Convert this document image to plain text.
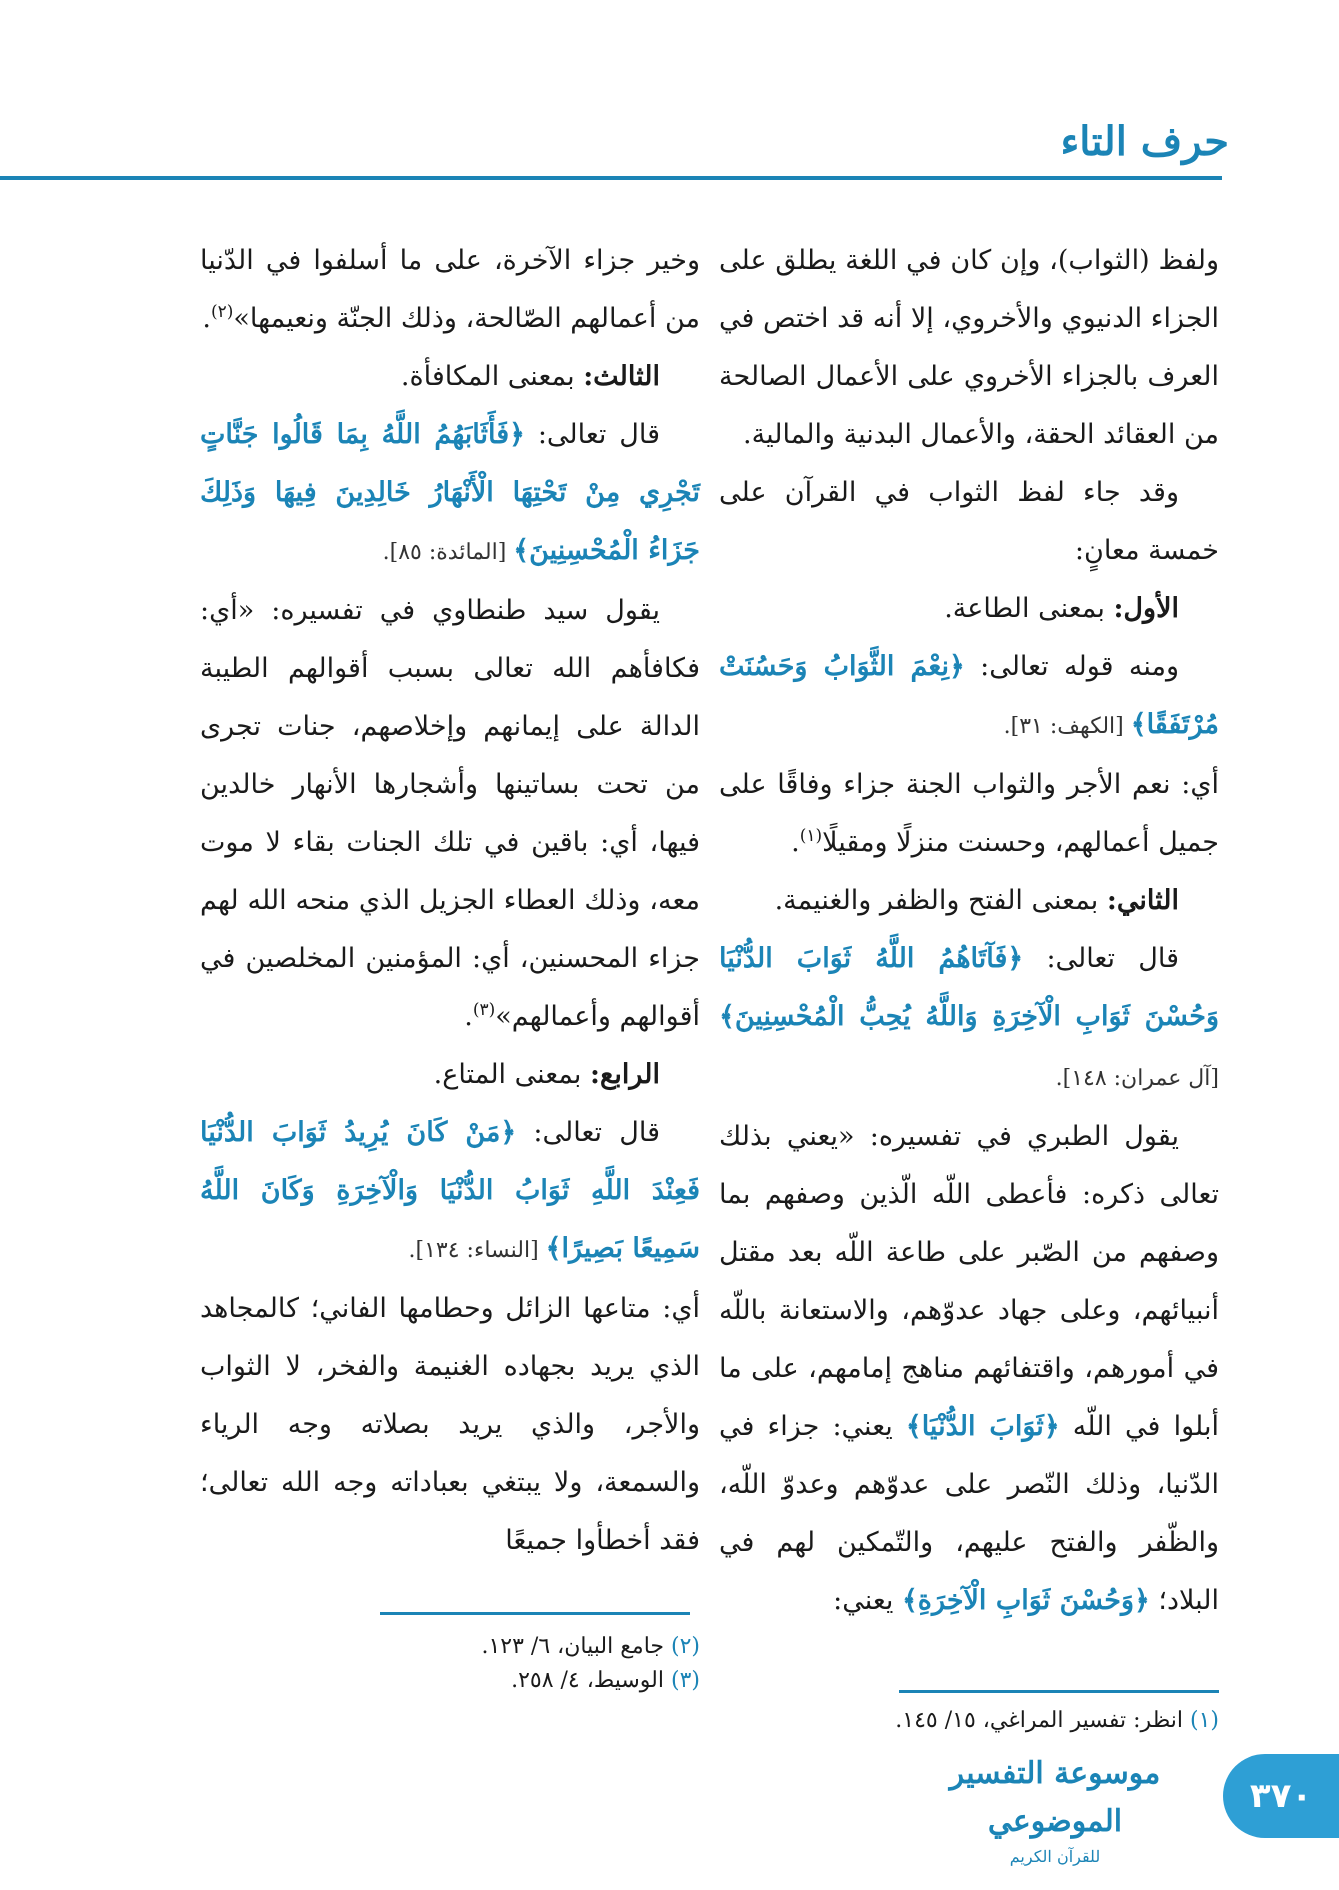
حرف التاء

ولفظ (الثواب)، وإن كان في اللغة يطلق على الجزاء الدنيوي والأخروي، إلا أنه قد اختص في العرف بالجزاء الأخروي على الأعمال الصالحة من العقائد الحقة، والأعمال البدنية والمالية.

وقد جاء لفظ الثواب في القرآن على خمسة معانٍ:

الأول: بمعنى الطاعة.

ومنه قوله تعالى: ﴿نِعْمَ الثَّوَابُ وَحَسُنَتْ مُرْتَفَقًا﴾ [الكهف: ٣١].

أي: نعم الأجر والثواب الجنة جزاء وفاقًا على جميل أعمالهم، وحسنت منزلًا ومقيلًا$^{(١)}$.

الثاني: بمعنى الفتح والظفر والغنيمة.

قال تعالى: ﴿فَآتَاهُمُ اللَّهُ ثَوَابَ الدُّنْيَا وَحُسْنَ ثَوَابِ الْآخِرَةِ وَاللَّهُ يُحِبُّ الْمُحْسِنِينَ﴾ [آل عمران: ١٤٨].

يقول الطبري في تفسيره: «يعني بذلك تعالى ذكره: فأعطى اللّه الّذين وصفهم بما وصفهم من الصّبر على طاعة اللّه بعد مقتل أنبيائهم، وعلى جهاد عدوّهم، والاستعانة باللّه في أمورهم، واقتفائهم مناهج إمامهم، على ما أبلوا في اللّه ﴿ثَوَابَ الدُّنْيَا﴾ يعني: جزاء في الدّنيا، وذلك النّصر على عدوّهم وعدوّ اللّه، والظّفر والفتح عليهم، والتّمكين لهم في البلاد؛ ﴿وَحُسْنَ ثَوَابِ الْآخِرَةِ﴾ يعني:

وخير جزاء الآخرة، على ما أسلفوا في الدّنيا من أعمالهم الصّالحة، وذلك الجنّة ونعيمها»$^{(٢)}$.

الثالث: بمعنى المكافأة.

قال تعالى: ﴿فَأَثَابَهُمُ اللَّهُ بِمَا قَالُوا جَنَّاتٍ تَجْرِي مِنْ تَحْتِهَا الْأَنْهَارُ خَالِدِينَ فِيهَا وَذَلِكَ جَزَاءُ الْمُحْسِنِينَ﴾ [المائدة: ٨٥].

يقول سيد طنطاوي في تفسيره: «أي: فكافأهم الله تعالى بسبب أقوالهم الطيبة الدالة على إيمانهم وإخلاصهم، جنات تجرى من تحت بساتينها وأشجارها الأنهار خالدين فيها، أي: باقين في تلك الجنات بقاء لا موت معه، وذلك العطاء الجزيل الذي منحه الله لهم جزاء المحسنين، أي: المؤمنين المخلصين في أقوالهم وأعمالهم»$^{(٣)}$.

الرابع: بمعنى المتاع.

قال تعالى: ﴿مَنْ كَانَ يُرِيدُ ثَوَابَ الدُّنْيَا فَعِنْدَ اللَّهِ ثَوَابُ الدُّنْيَا وَالْآخِرَةِ وَكَانَ اللَّهُ سَمِيعًا بَصِيرًا﴾ [النساء: ١٣٤].

أي: متاعها الزائل وحطامها الفاني؛ كالمجاهد الذي يريد بجهاده الغنيمة والفخر، لا الثواب والأجر، والذي يريد بصلاته وجه الرياء والسمعة، ولا يبتغي بعباداته وجه الله تعالى؛ فقد أخطأوا جميعًا

(١) انظر: تفسير المراغي، ١٥/ ١٤٥.
(٢) جامع البيان، ٦/ ١٢٣.
(٣) الوسيط، ٤/ ٢٥٨.
موسوعة التفسير الموضوعي
للقرآن الكريم
٣٧٠
